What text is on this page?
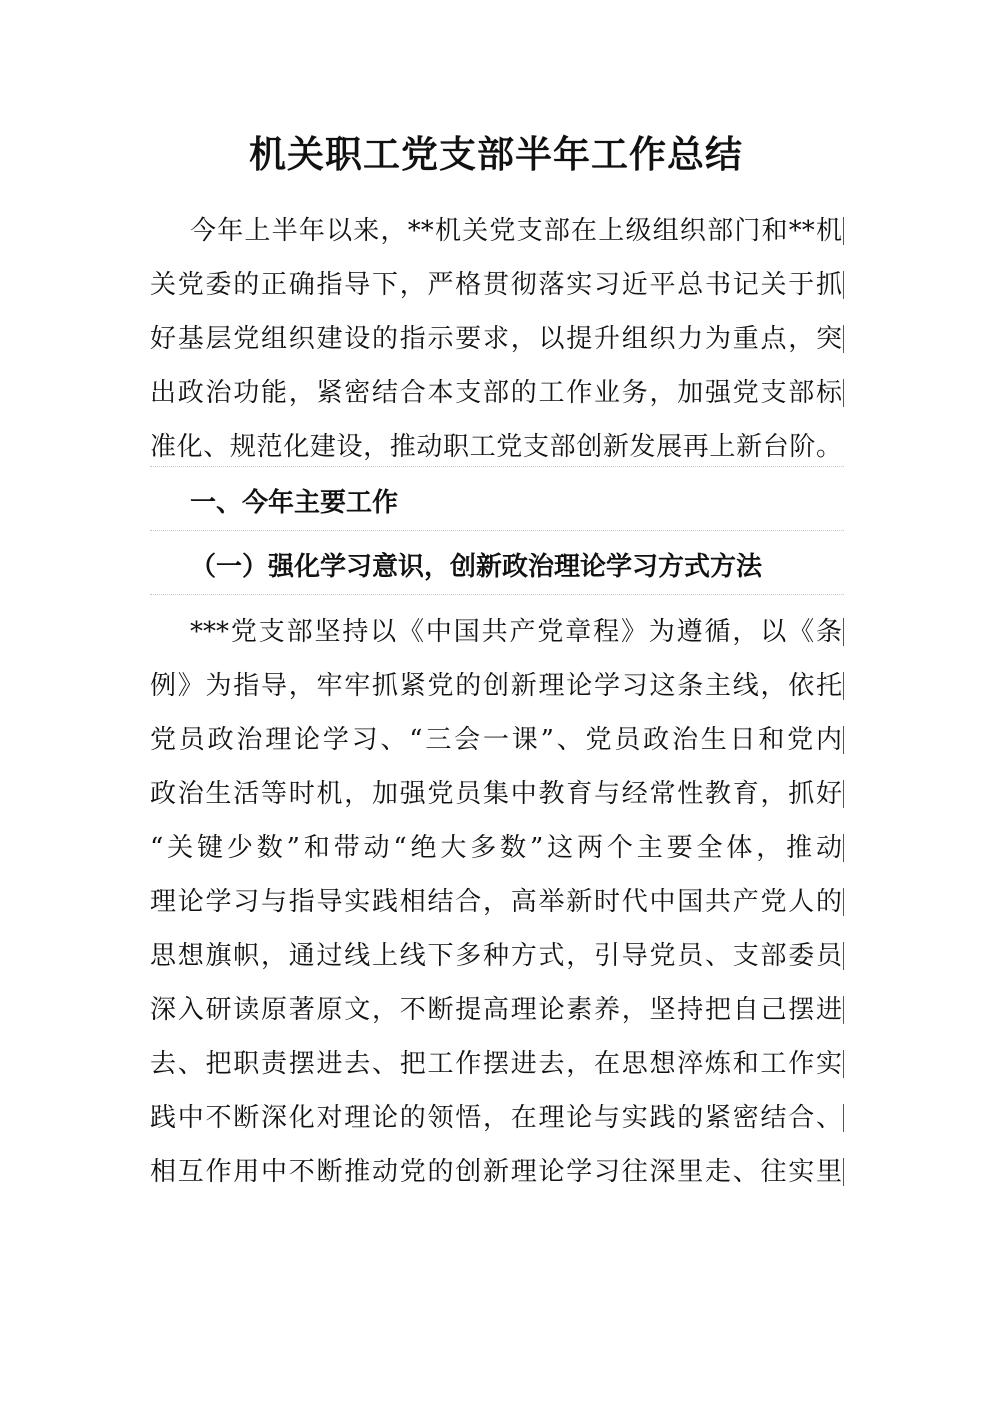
机关职工党支部半年工作总结
今年上半年以来，**机关党支部在上级组织部门和**机
关党委的正确指导下，严格贯彻落实习近平总书记关于抓
好基层党组织建设的指示要求，以提升组织力为重点，突
出政治功能，紧密结合本支部的工作业务，加强党支部标
准化、规范化建设，推动职工党支部创新发展再上新台阶。
一、今年主要工作
（一）强化学习意识，创新政治理论学习方式方法
***党支部坚持以《中国共产党章程》为遵循，以《条
例》为指导，牢牢抓紧党的创新理论学习这条主线，依托
党员政治理论学习、“三会一课”、党员政治生日和党内
政治生活等时机，加强党员集中教育与经常性教育，抓好
“关键少数”和带动“绝大多数”这两个主要全体，推动
理论学习与指导实践相结合，高举新时代中国共产党人的
思想旗帜，通过线上线下多种方式，引导党员、支部委员
深入研读原著原文，不断提高理论素养，坚持把自己摆进
去、把职责摆进去、把工作摆进去，在思想淬炼和工作实
践中不断深化对理论的领悟，在理论与实践的紧密结合、
相互作用中不断推动党的创新理论学习往深里走、往实里
